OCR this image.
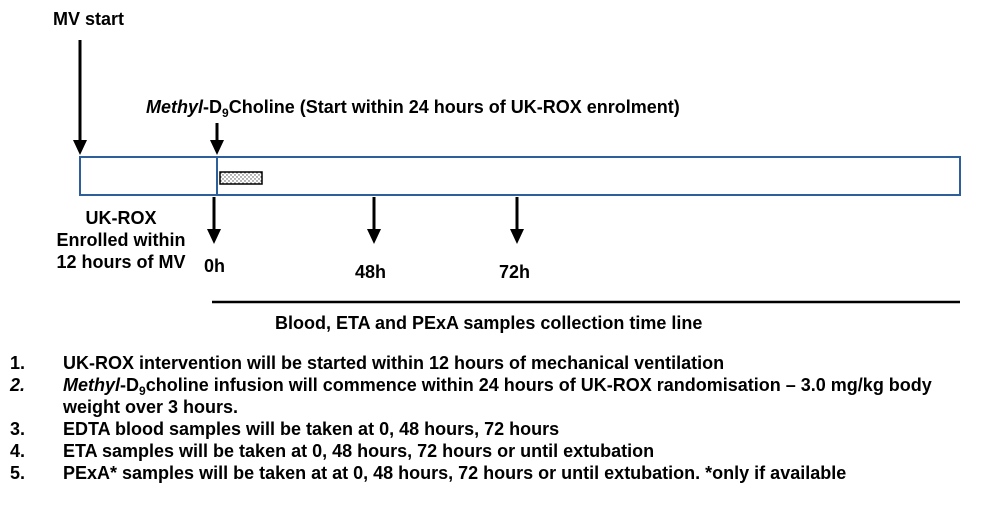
MV start
Methyl-$D_9Choline$ (Start within 24 hours of UK-ROX enrolment)
UK-ROX
Enrolled within
12 hours of MV	0h	48h	72h
Blood, ETA and PExA samples collection time line
1. UK-ROX intervention will be started within 12 hours of mechanical ventilation
2. Methyl-$D_9choline$ infusion will commence within 24 hours of UK-ROX randomisation – 3.0 mg/kg body weight over 3 hours.
3. EDTA blood samples will be taken at 0, 48 hours, 72 hours
4. ETA samples will be taken at 0, 48 hours, 72 hours or until extubation
5. PExA* samples will be taken at at 0, 48 hours, 72 hours or until extubation. *only if available
